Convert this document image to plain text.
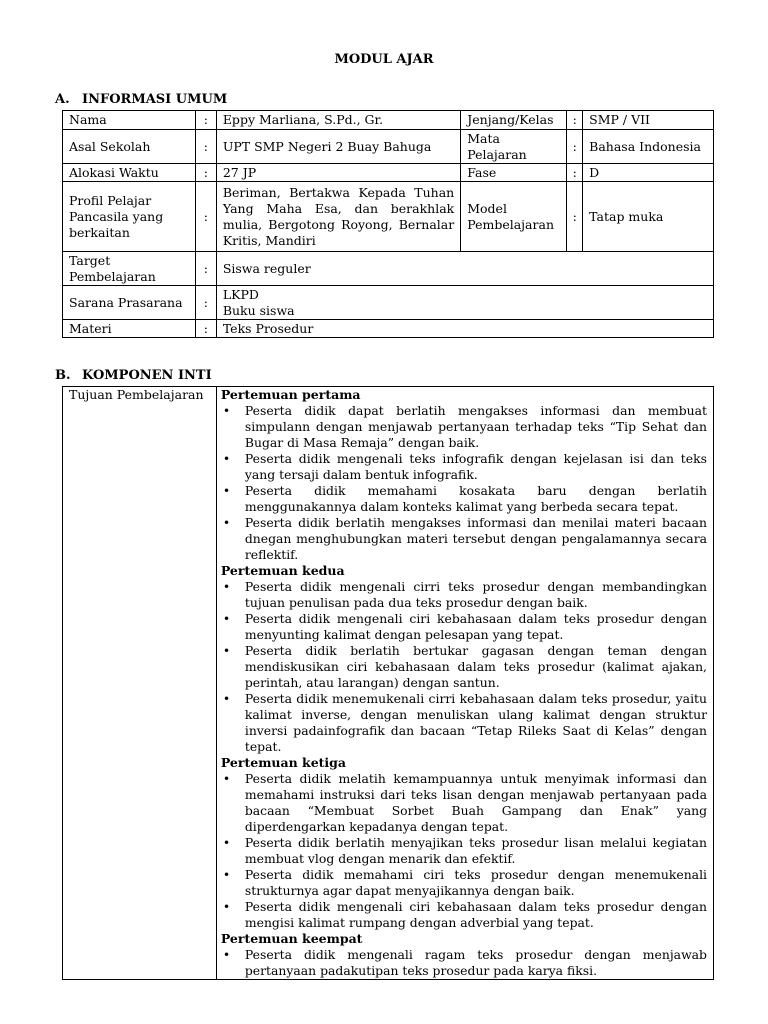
MODUL AJAR
A. INFORMASI UMUM
Nama	:	Eppy Marliana, S.Pd., Gr.	Jenjang/Kelas	:	SMP / VII
Asal Sekolah	:	UPT SMP Negeri 2 Buay Bahuga	Mata Pelajaran	:	Bahasa Indonesia
Alokasi Waktu	:	27 JP	Fase	:	D
Profil Pelajar Pancasila yang berkaitan	:	Beriman, Bertakwa Kepada Tuhan Yang Maha Esa, dan berakhlak mulia, Bergotong Royong, Bernalar Kritis, Mandiri	Model Pembelajaran	:	Tatap muka
Target Pembelajaran	:	Siswa reguler			
Sarana Prasarana	:	LKPD
Buku siswa			

Materi	:	Teks Prosedur			
B. KOMPONEN INTI
Tujuan Pembelajaran	Pertemuan pertama
• Peserta didik dapat berlatih mengakses informasi dan membuat simpulann dengan menjawab pertanyaan terhadap teks “Tip Sehat dan Bugar di Masa Remaja” dengan baik.
• Peserta didik mengenali teks infografik dengan kejelasan isi dan teks yang tersaji dalam bentuk infografik.
• Peserta didik memahami kosakata baru dengan berlatih menggunakannya dalam konteks kalimat yang berbeda secara tepat.
• Peserta didik berlatih mengakses informasi dan menilai materi bacaan dnegan menghubungkan materi tersebut dengan pengalamannya secara reflektif.
Pertemuan kedua
• Peserta didik mengenali cirri teks prosedur dengan membandingkan tujuan penulisan pada dua teks prosedur dengan baik.
• Peserta didik mengenali ciri kebahasaan dalam teks prosedur dengan menyunting kalimat dengan pelesapan yang tepat.
• Peserta didik berlatih bertukar gagasan dengan teman dengan mendiskusikan ciri kebahasaan dalam teks prosedur (kalimat ajakan, perintah, atau larangan) dengan santun.
• Peserta didik menemukenali cirri kebahasaan dalam teks prosedur, yaitu kalimat inverse, dengan menuliskan ulang kalimat dengan struktur inversi padainfografik dan bacaan “Tetap Rileks Saat di Kelas” dengan tepat.
Pertemuan ketiga
• Peserta didik melatih kemampuannya untuk menyimak informasi dan memahami instruksi dari teks lisan dengan menjawab pertanyaan pada bacaan “Membuat Sorbet Buah Gampang dan Enak” yang diperdengarkan kepadanya dengan tepat.
• Peserta didik berlatih menyajikan teks prosedur lisan melalui kegiatan membuat vlog dengan menarik dan efektif.
• Peserta didik memahami ciri teks prosedur dengan menemukenali strukturnya agar dapat menyajikannya dengan baik.
• Peserta didik mengenali ciri kebahasaan dalam teks prosedur dengan mengisi kalimat rumpang dengan adverbial yang tepat.
Pertemuan keempat
• Peserta didik mengenali ragam teks prosedur dengan menjawab pertanyaan padakutipan teks prosedur pada karya fiksi.
